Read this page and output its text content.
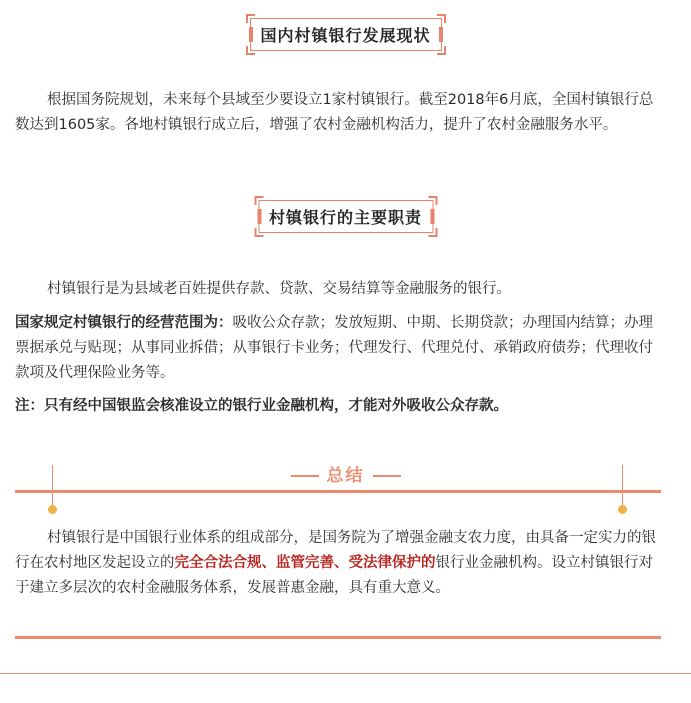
国内村镇银行发展现状

根据国务院规划，未来每个县域至少要设立1家村镇银行。截至2018年6月底，全国村镇银行总数达到1605家。各地村镇银行成立后，增强了农村金融机构活力，提升了农村金融服务水平。

村镇银行的主要职责

村镇银行是为县域老百姓提供存款、贷款、交易结算等金融服务的银行。

国家规定村镇银行的经营范围为：吸收公众存款；发放短期、中期、长期贷款；办理国内结算；办理票据承兑与贴现；从事同业拆借；从事银行卡业务；代理发行、代理兑付、承销政府债券；代理收付款项及代理保险业务等。

注：只有经中国银监会核准设立的银行业金融机构，才能对外吸收公众存款。

总结

村镇银行是中国银行业体系的组成部分，是国务院为了增强金融支农力度，由具备一定实力的银行在农村地区发起设立的完全合法合规、监管完善、受法律保护的银行业金融机构。设立村镇银行对于建立多层次的农村金融服务体系，发展普惠金融，具有重大意义。
